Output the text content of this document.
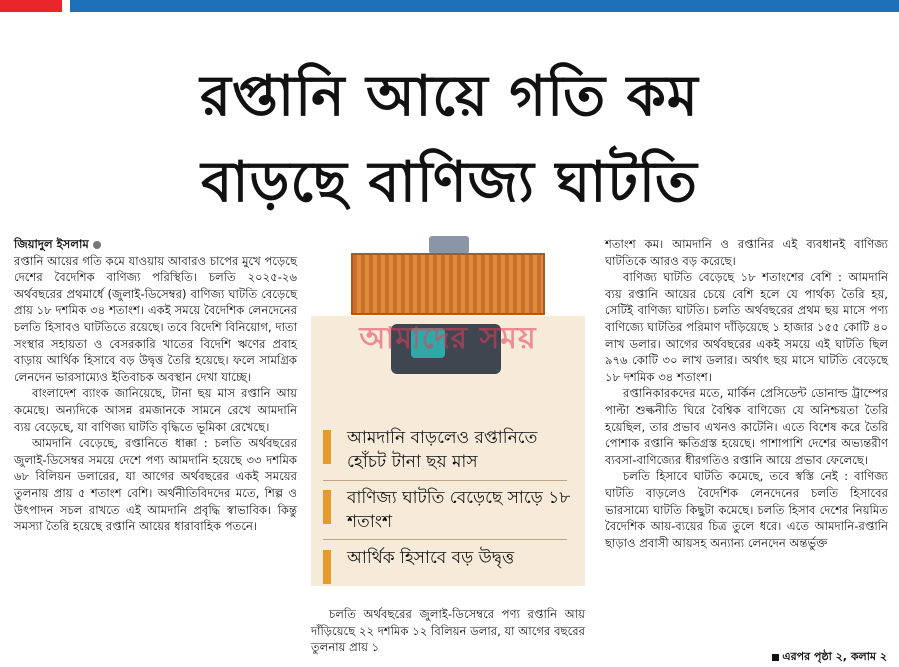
রপ্তানি আয়ে গতি কম
বাড়ছে বাণিজ্য ঘাটতি
জিয়াদুল ইসলাম

রপ্তানি আয়ের গতি কমে যাওয়ায় আবারও চাপের মুখে পড়েছে দেশের বৈদেশিক বাণিজ্য পরিস্থিতি। চলতি ২০২৫-২৬ অর্থবছরের প্রথমার্ধে (জুলাই-ডিসেম্বর) বাণিজ্য ঘাটতি বেড়েছে প্রায় ১৮ দশমিক ৩৪ শতাংশ। একই সময়ে বৈদেশিক লেনদেনের চলতি হিসাবও ঘাটতিতে রয়েছে। তবে বিদেশি বিনিয়োগ, দাতা সংস্থার সহায়তা ও বেসরকারি খাতের বিদেশি ঋণের প্রবাহ বাড়ায় আর্থিক হিসাবে বড় উদ্বৃত্ত তৈরি হয়েছে। ফলে সামগ্রিক লেনদেন ভারসাম্যেও ইতিবাচক অবস্থান দেখা যাচ্ছে।

বাংলাদেশ ব্যাংক জানিয়েছে, টানা ছয় মাস রপ্তানি আয় কমেছে। অন্যদিকে আসন্ন রমজানকে সামনে রেখে আমদানি ব্যয় বেড়েছে, যা বাণিজ্য ঘাটতি বৃদ্ধিতে ভূমিকা রেখেছে।

আমদানি বেড়েছে, রপ্তানিতে ধাক্কা : চলতি অর্থবছরের জুলাই-ডিসেম্বর সময়ে দেশে পণ্য আমদানি হয়েছে ৩৩ দশমিক ৬৮ বিলিয়ন ডলারের, যা আগের অর্থবছরের একই সময়ের তুলনায় প্রায় ৫ শতাংশ বেশি। অর্থনীতিবিদদের মতে, শিল্প ও উৎপাদন সচল রাখতে এই আমদানি প্রবৃদ্ধি স্বাভাবিক। কিন্তু সমস্যা তৈরি হয়েছে রপ্তানি আয়ের ধারাবাহিক পতনে।

আমাদের সময়
আমদানি বাড়লেও রপ্তানিতে হোঁচট টানা ছয় মাস
বাণিজ্য ঘাটতি বেড়েছে সাড়ে ১৮ শতাংশ
আর্থিক হিসাবে বড় উদ্বৃত্ত

চলতি অর্থবছরের জুলাই-ডিসেম্বরে পণ্য রপ্তানি আয় দাঁড়িয়েছে ২২ দশমিক ১২ বিলিয়ন ডলার, যা আগের বছরের তুলনায় প্রায় ১

শতাংশ কম। আমদানি ও রপ্তানির এই ব্যবধানই বাণিজ্য ঘাটতিকে আরও বড় করেছে।

বাণিজ্য ঘাটতি বেড়েছে ১৮ শতাংশের বেশি : আমদানি ব্যয় রপ্তানি আয়ের চেয়ে বেশি হলে যে পার্থক্য তৈরি হয়, সেটিই বাণিজ্য ঘাটতি। চলতি অর্থবছরের প্রথম ছয় মাসে পণ্য বাণিজ্যে ঘাটতির পরিমাণ দাঁড়িয়েছে ১ হাজার ১৫৫ কোটি ৪০ লাখ ডলার। আগের অর্থবছরের একই সময়ে এই ঘাটতি ছিল ৯৭৬ কোটি ৩০ লাখ ডলার। অর্থাৎ ছয় মাসে ঘাটতি বেড়েছে ১৮ দশমিক ৩৪ শতাংশ।

রপ্তানিকারকদের মতে, মার্কিন প্রেসিডেন্ট ডোনাল্ড ট্রাম্পের পাল্টা শুল্কনীতি ঘিরে বৈশ্বিক বাণিজ্যে যে অনিশ্চয়তা তৈরি হয়েছিল, তার প্রভাব এখনও কাটেনি। এতে বিশেষ করে তৈরি পোশাক রপ্তানি ক্ষতিগ্রস্ত হয়েছে। পাশাপাশি দেশের অভ্যন্তরীণ ব্যবসা-বাণিজ্যের ধীরগতিও রপ্তানি আয়ে প্রভাব ফেলেছে।

চলতি হিসাবে ঘাটতি কমেছে, তবে স্বস্তি নেই : বাণিজ্য ঘাটতি বাড়লেও বৈদেশিক লেনদেনের চলতি হিসাবের ভারসাম্যে ঘাটতি কিছুটা কমেছে। চলতি হিসাব দেশের নিয়মিত বৈদেশিক আয়-ব্যয়ের চিত্র তুলে ধরে। এতে আমদানি-রপ্তানি ছাড়াও প্রবাসী আয়সহ অন্যান্য লেনদেন অন্তর্ভুক্ত

এরপর পৃষ্ঠা ২, কলাম ২
